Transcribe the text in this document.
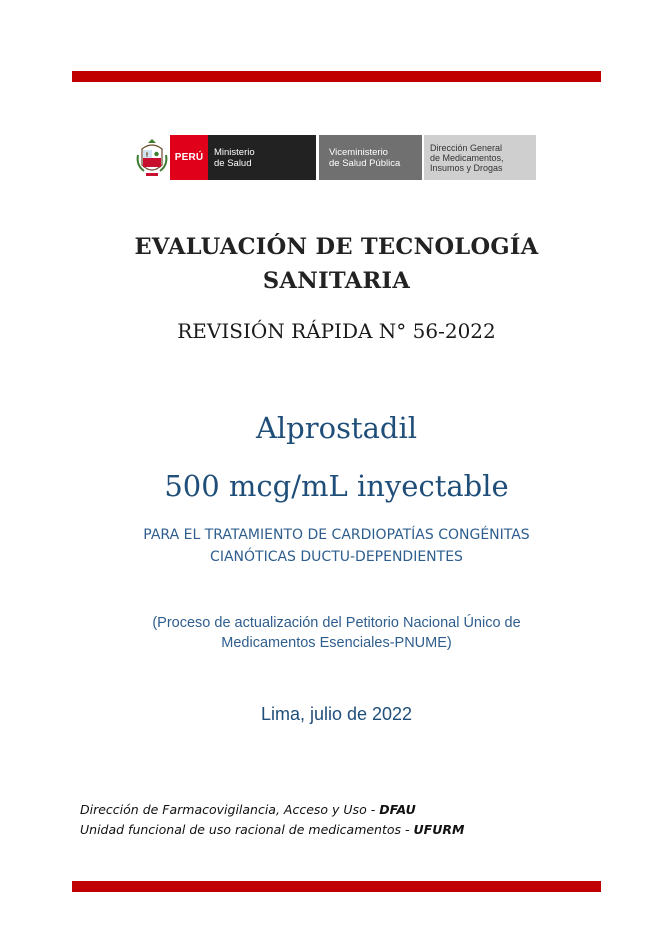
PERÚ	Ministerio
de Salud
Viceministerio
de Salud Pública
Dirección General
de Medicamentos,
Insumos y Drogas
EVALUACIÓN DE TECNOLOGÍA
SANITARIA
REVISIÓN RÁPIDA N° 56-2022
Alprostadil
500 mcg/mL inyectable
PARA EL TRATAMIENTO DE CARDIOPATÍAS CONGÉNITAS
CIANÓTICAS DUCTU-DEPENDIENTES
(Proceso de actualización del Petitorio Nacional Único de
Medicamentos Esenciales-PNUME)
Lima, julio de 2022
Dirección de Farmacovigilancia, Acceso y Uso - DFAU
Unidad funcional de uso racional de medicamentos - UFURM
